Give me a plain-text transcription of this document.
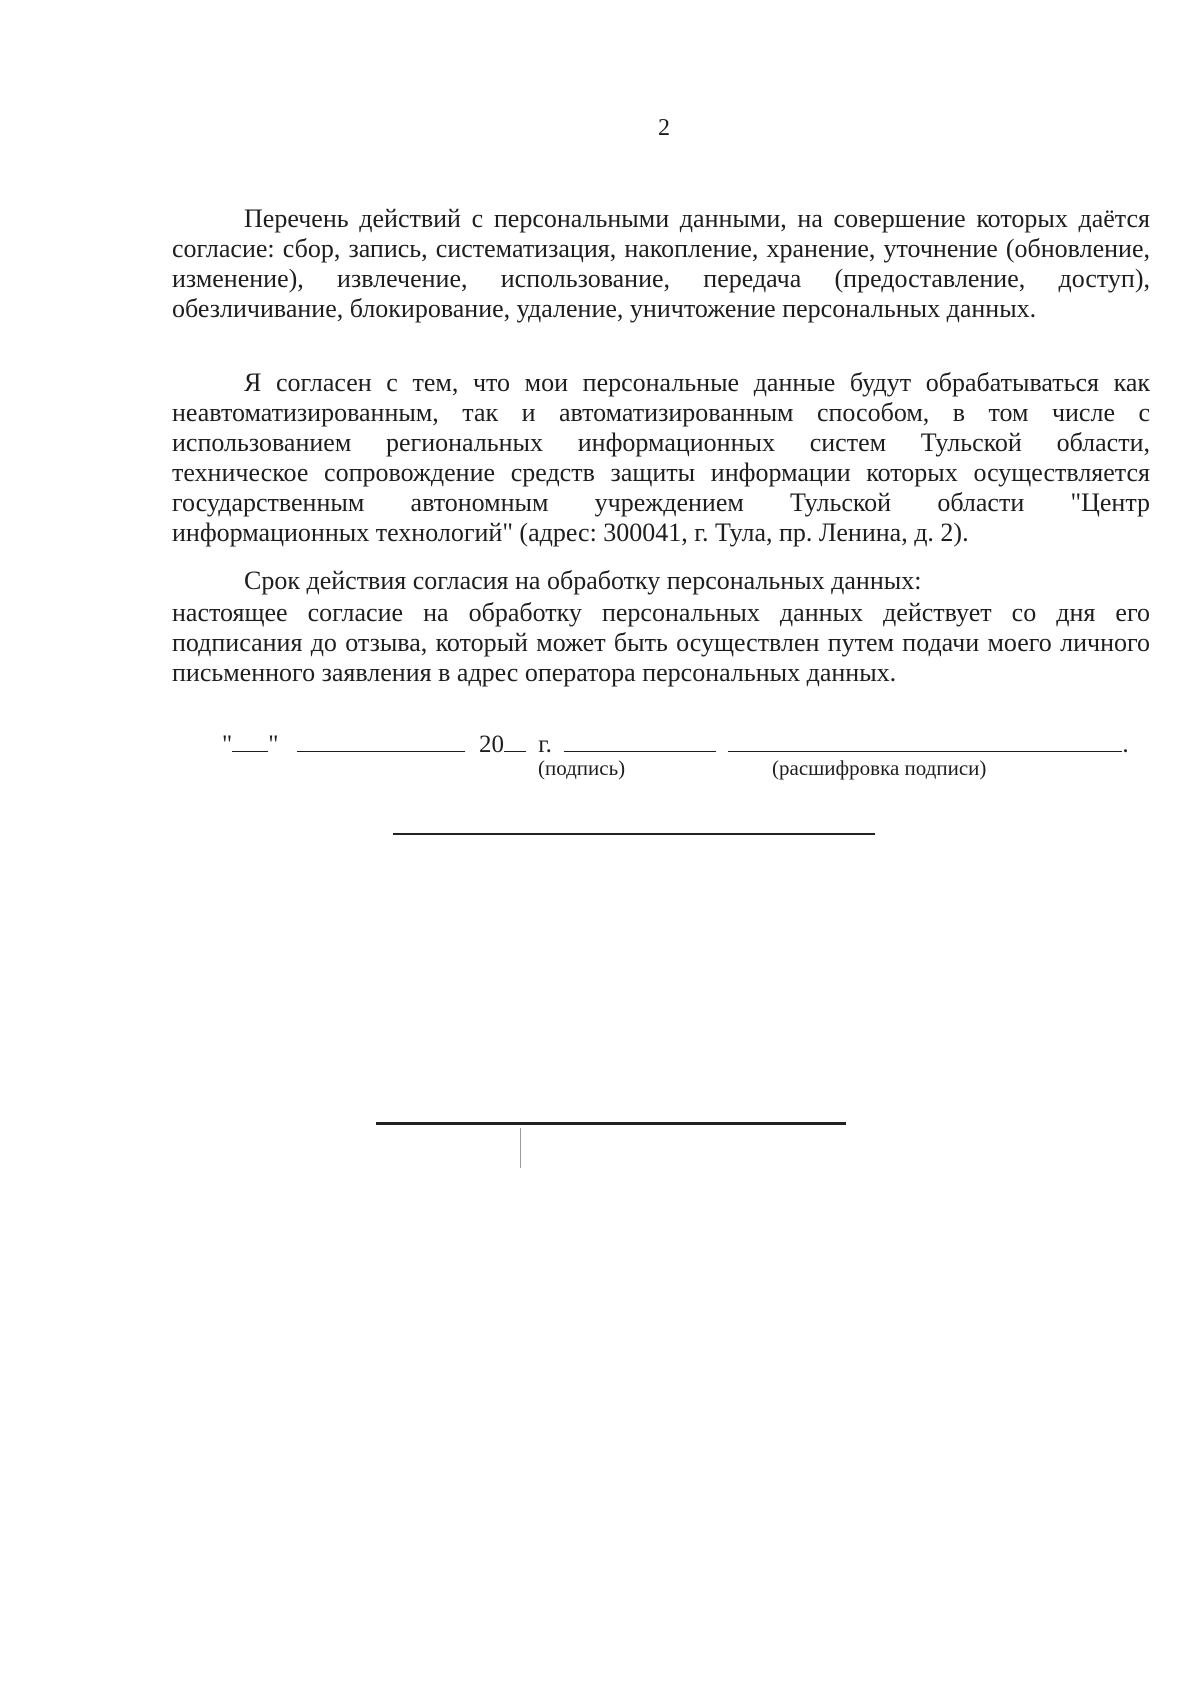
2

Перечень действий с персональными данными, на совершение которых даётся согласие: сбор, запись, систематизация, накопление, хранение, уточнение (обновление, изменение), извлечение, использование, передача (предоставление, доступ), обезличивание, блокирование, удаление, уничтожение персональных данных.

Я согласен с тем, что мои персональные данные будут обрабатываться как неавтоматизированным, так и автоматизированным способом, в том числе с использованием региональных информационных систем Тульской области, техническое сопровождение средств защиты информации которых осуществляется государственным автономным учреждением Тульской области "Центр информационных технологий" (адрес: 300041, г. Тула, пр. Ленина, д. 2).

Срок действия согласия на обработку персональных данных:

настоящее согласие на обработку персональных данных действует со дня его подписания до отзыва, который может быть осуществлен путем подачи моего личного письменного заявления в адрес оператора персональных данных.

" "	20 г.	.
(подпись)	(расшифровка подписи)
